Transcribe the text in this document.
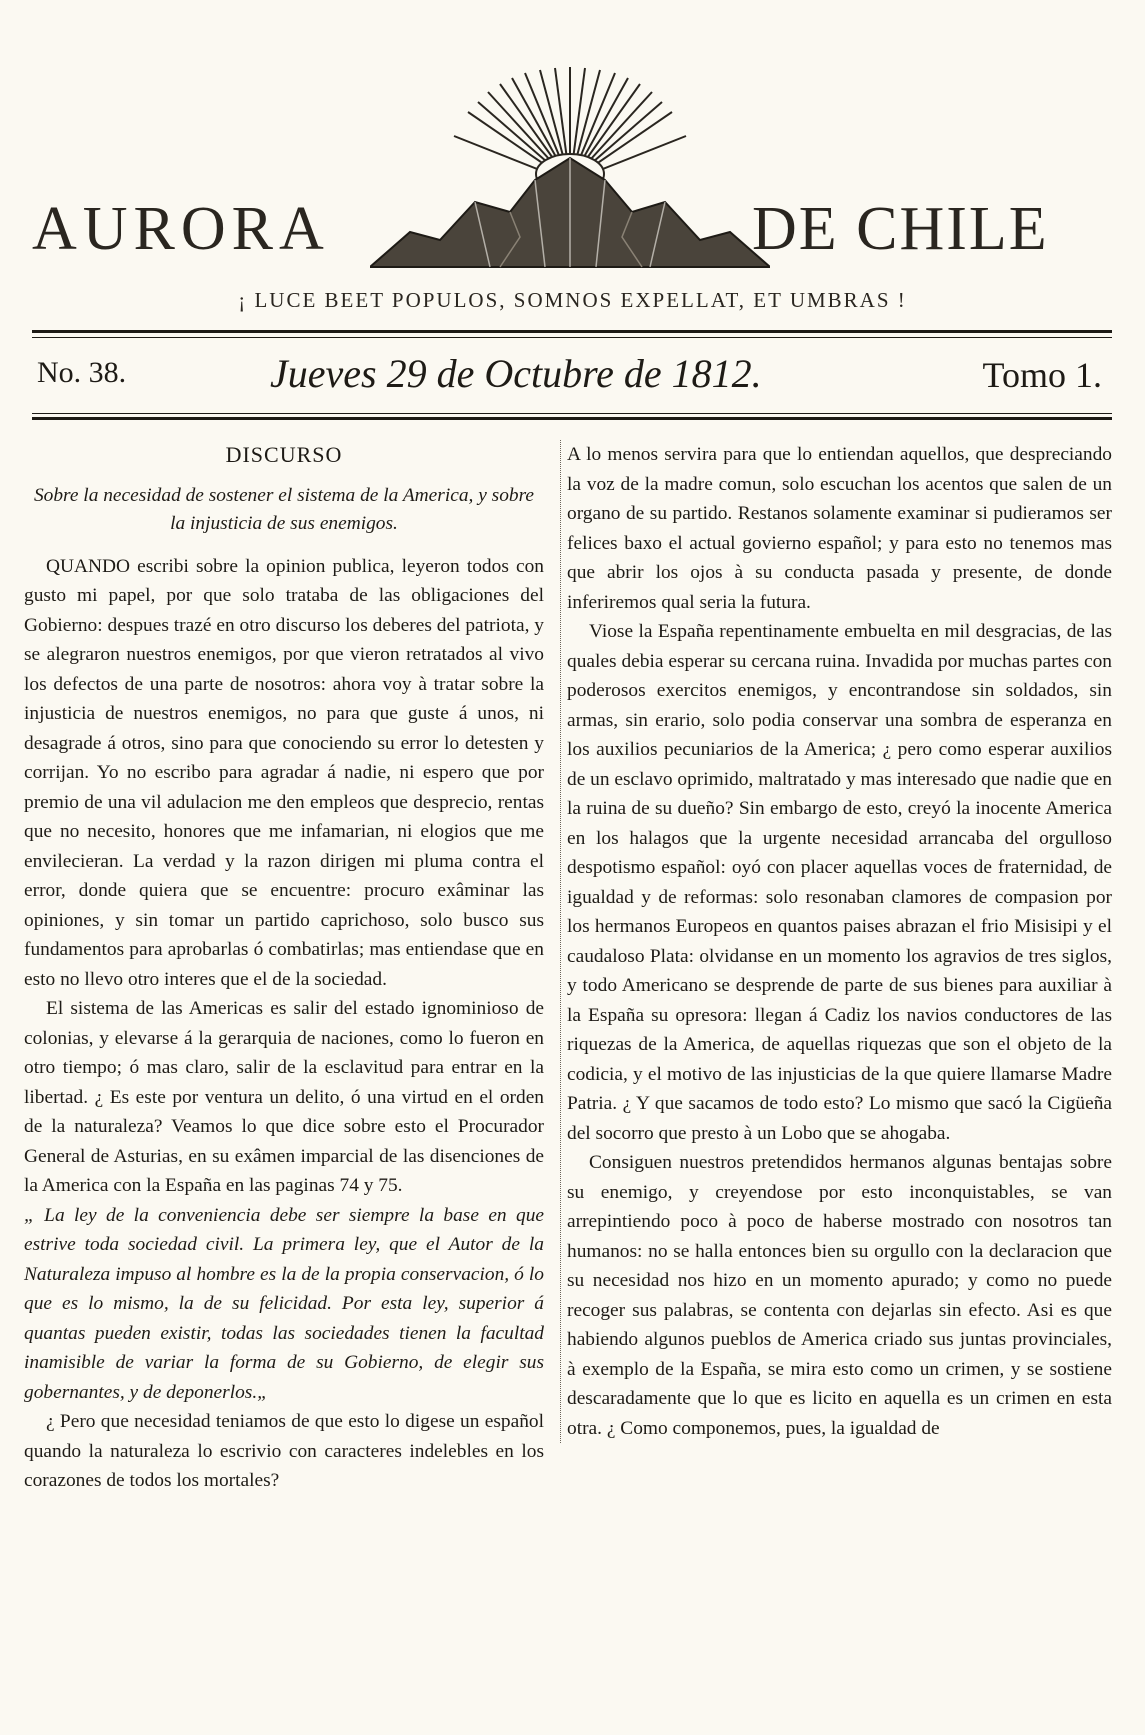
AURORA	DE CHILE
¡ LUCE BEET POPULOS, SOMNOS EXPELLAT, ET UMBRAS !
No. 38.	Jueves 29 de Octubre de 1812.	Tomo 1.
DISCURSO
Sobre la necesidad de sostener el sistema de la America, y sobre la injusticia de sus enemigos.

QUANDO escribi sobre la opinion publica, leyeron todos con gusto mi papel, por que solo trataba de las obligaciones del Gobierno: despues trazé en otro discurso los deberes del patriota, y se alegraron nuestros enemigos, por que vieron retratados al vivo los defectos de una parte de nosotros: ahora voy à tratar sobre la injusticia de nuestros enemigos, no para que guste á unos, ni desagrade á otros, sino para que conociendo su error lo detesten y corrijan. Yo no escribo para agradar á nadie, ni espero que por premio de una vil adulacion me den empleos que desprecio, rentas que no necesito, honores que me infamarian, ni elogios que me envilecieran. La verdad y la razon dirigen mi pluma contra el error, donde quiera que se encuentre: procuro exâminar las opiniones, y sin tomar un partido caprichoso, solo busco sus fundamentos para aprobarlas ó combatirlas; mas entiendase que en esto no llevo otro interes que el de la sociedad.

El sistema de las Americas es salir del estado ignominioso de colonias, y elevarse á la gerarquia de naciones, como lo fueron en otro tiempo; ó mas claro, salir de la esclavitud para entrar en la libertad. ¿ Es este por ventura un delito, ó una virtud en el orden de la naturaleza? Veamos lo que dice sobre esto el Procurador General de Asturias, en su exâmen imparcial de las disenciones de la America con la España en las paginas 74 y 75.

„ La ley de la conveniencia debe ser siempre la base en que estrive toda sociedad civil. La primera ley, que el Autor de la Naturaleza impuso al hombre es la de la propia conservacion, ó lo que es lo mismo, la de su felicidad. Por esta ley, superior á quantas pueden existir, todas las sociedades tienen la facultad inamisible de variar la forma de su Gobierno, de elegir sus gobernantes, y de deponerlos.„

¿ Pero que necesidad teniamos de que esto lo digese un español quando la naturaleza lo escrivio con caracteres indelebles en los corazones de todos los mortales?

A lo menos servira para que lo entiendan aquellos, que despreciando la voz de la madre comun, solo escuchan los acentos que salen de un organo de su partido. Restanos solamente examinar si pudieramos ser felices baxo el actual govierno español; y para esto no tenemos mas que abrir los ojos à su conducta pasada y presente, de donde inferiremos qual seria la futura.

Viose la España repentinamente embuelta en mil desgracias, de las quales debia esperar su cercana ruina. Invadida por muchas partes con poderosos exercitos enemigos, y encontrandose sin soldados, sin armas, sin erario, solo podia conservar una sombra de esperanza en los auxilios pecuniarios de la America; ¿ pero como esperar auxilios de un esclavo oprimido, maltratado y mas interesado que nadie que en la ruina de su dueño? Sin embargo de esto, creyó la inocente America en los halagos que la urgente necesidad arrancaba del orgulloso despotismo español: oyó con placer aquellas voces de fraternidad, de igualdad y de reformas: solo resonaban clamores de compasion por los hermanos Europeos en quantos paises abrazan el frio Misisipi y el caudaloso Plata: olvidanse en un momento los agravios de tres siglos, y todo Americano se desprende de parte de sus bienes para auxiliar à la España su opresora: llegan á Cadiz los navios conductores de las riquezas de la America, de aquellas riquezas que son el objeto de la codicia, y el motivo de las injusticias de la que quiere llamarse Madre Patria. ¿ Y que sacamos de todo esto? Lo mismo que sacó la Cigüeña del socorro que presto à un Lobo que se ahogaba.

Consiguen nuestros pretendidos hermanos algunas bentajas sobre su enemigo, y creyendose por esto inconquistables, se van arrepintiendo poco à poco de haberse mostrado con nosotros tan humanos: no se halla entonces bien su orgullo con la declaracion que su necesidad nos hizo en un momento apurado; y como no puede recoger sus palabras, se contenta con dejarlas sin efecto. Asi es que habiendo algunos pueblos de America criado sus juntas provinciales, à exemplo de la España, se mira esto como un crimen, y se sostiene descaradamente que lo que es licito en aquella es un crimen en esta otra. ¿ Como componemos, pues, la igualdad de
